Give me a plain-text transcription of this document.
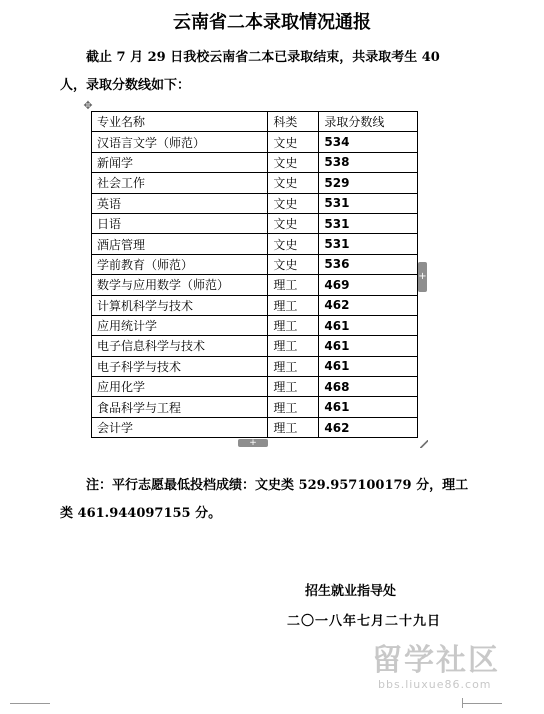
云南省二本录取情况通报
截止 7 月 29 日我校云南省二本已录取结束，共录取考生 40 人，录取分数线如下：
✥
专业名称	科类	录取分数线
汉语言文学（师范）	文史	534
新闻学	文史	538
社会工作	文史	529
英语	文史	531
日语	文史	531
酒店管理	文史	531
学前教育（师范）	文史	536
数学与应用数学（师范）	理工	469
计算机科学与技术	理工	462
应用统计学	理工	461
电子信息科学与技术	理工	461
电子科学与技术	理工	461
应用化学	理工	468
食品科学与工程	理工	461
会计学	理工	462
+
+
注：平行志愿最低投档成绩：文史类 529.957100179 分，理工类 461.944097155 分。
招生就业指导处
二〇一八年七月二十九日
留学社区
bbs.liuxue86.com
